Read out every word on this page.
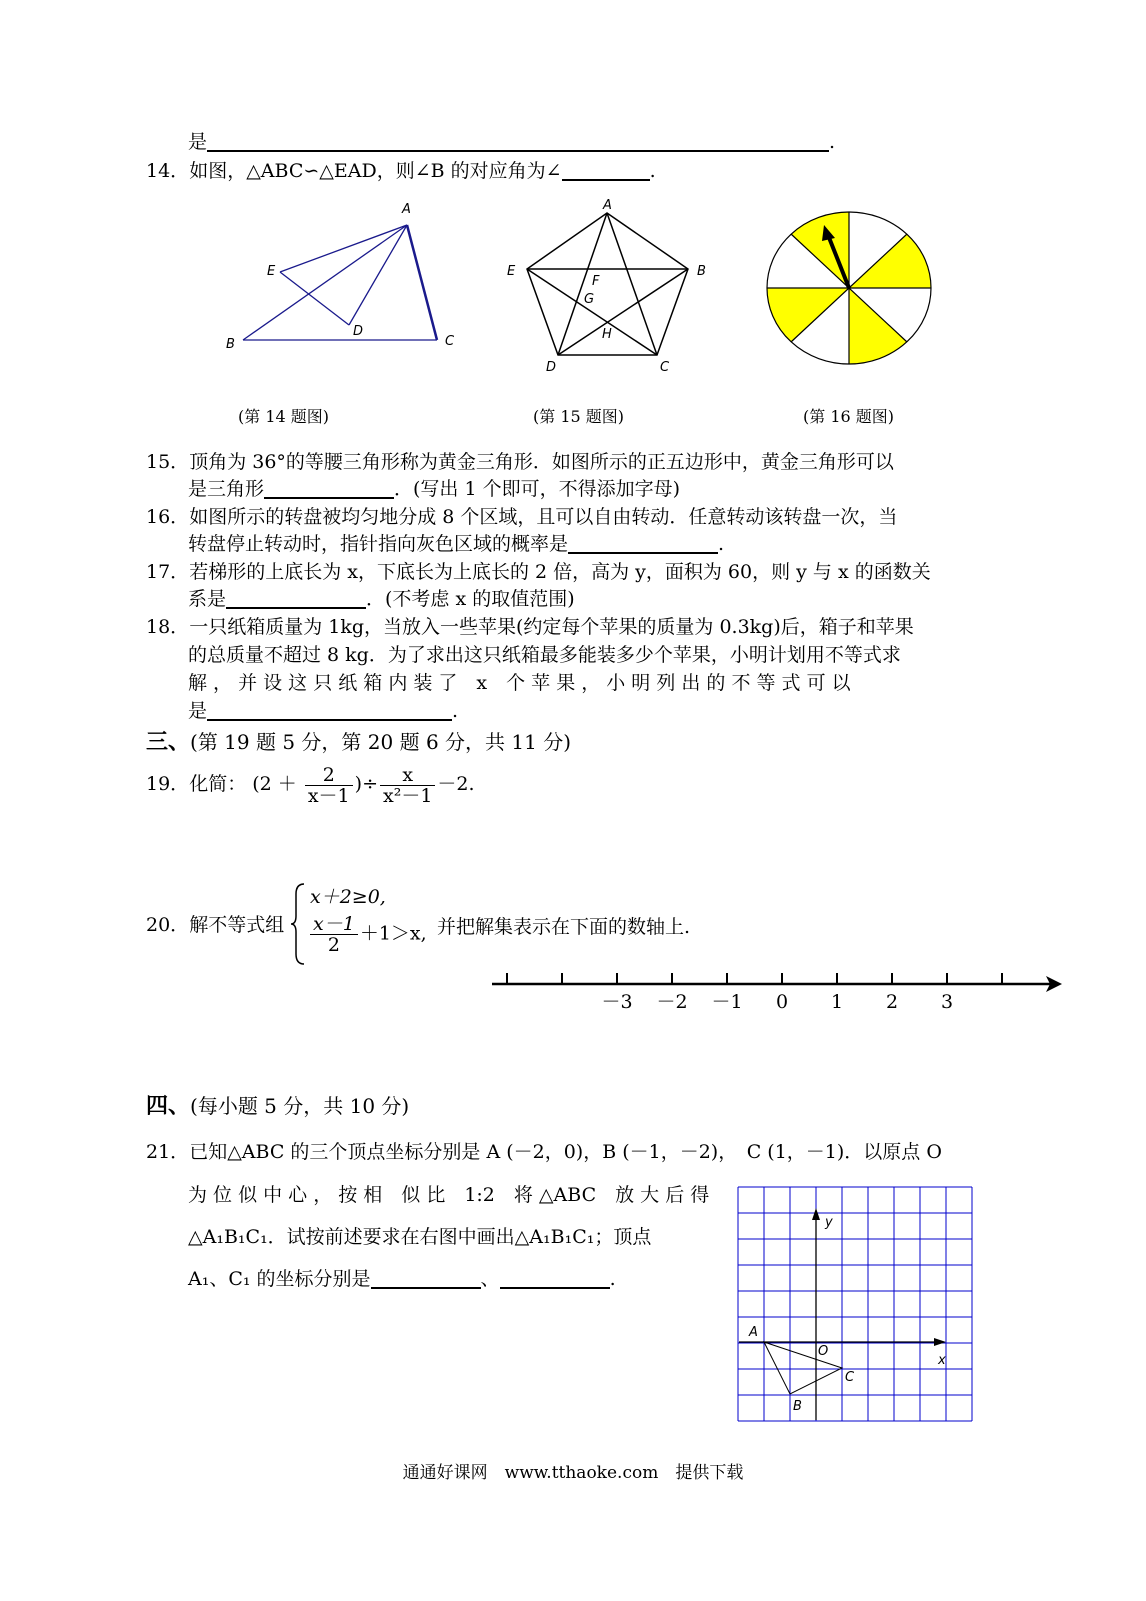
是	.
14．如图，△ABC∽△EAD，则∠B 的对应角为∠	.
A
E
B
D
C
A
B
E
C
D
F
G
H
(第 14 题图)	(第 15 题图)	(第 16 题图)
15．顶角为 36°的等腰三角形称为黄金三角形．如图所示的正五边形中，黄金三角形可以
是三角形	．(写出 1 个即可，不得添加字母)
16．如图所示的转盘被均匀地分成 8 个区域，且可以自由转动．任意转动该转盘一次，当
转盘停止转动时，指针指向灰色区域的概率是	.
17．若梯形的上底长为 x，下底长为上底长的 2 倍，高为 y，面积为 60，则 y 与 x 的函数关
系是	．(不考虑 x 的取值范围)
18．一只纸箱质量为 1kg，当放入一些苹果(约定每个苹果的质量为 0.3kg)后，箱子和苹果
的总质量不超过 8 kg．为了求出这只纸箱最多能装多少个苹果，小明计划用不等式求
解 ， 并 设 这 只 纸 箱 内 装 了　x　个 苹 果 ， 小 明 列 出 的 不 等 式 可 以
是	.
三、(第 19 题 5 分，第 20 题 6 分，共 11 分)
19．化简： ($2 + \frac{2}{x-1}$ )÷ $\frac{x}{\text{x²－1}} -2$.
20．解不等式组
x＋2≥0,
$\frac{x-1}{2} +1>x$, 并把解集表示在下面的数轴上.
－3 －2 －1 0 1 2 3
四、(每小题 5 分，共 10 分)
21．已知△ABC 的三个顶点坐标分别是 A (－2，0)，B (－1，－2)，　C (1，－1)．以原点 O
为 位 似 中 心 ， 按 相　似 比　1:2　将 △ABC　放 大 后 得
△A₁B₁C₁．试按前述要求在右图中画出△A₁B₁C₁；顶点
A₁、C₁ 的坐标分别是	、	.
y
x
A
B
C
O
通通好课网　www.tthaoke.com　提供下载
